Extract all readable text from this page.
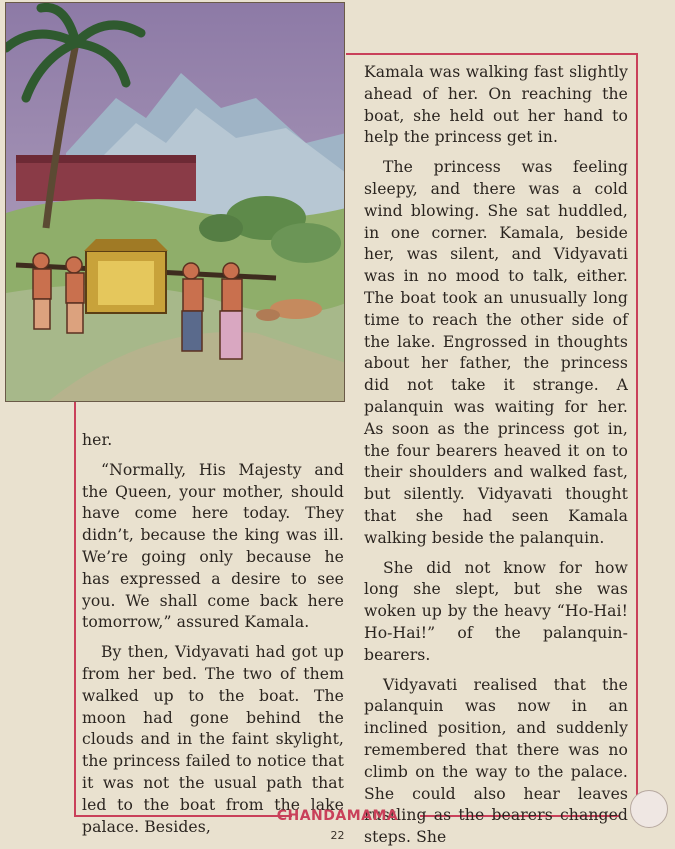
her.

“Normally, His Majesty and the Queen, your mother, should have come here today. They didn’t, because the king was ill. We’re going only because he has expressed a desire to see you. We shall come back here tomorrow,” assured Kamala.

By then, Vidyavati had got up from her bed. The two of them walked up to the boat. The moon had gone behind the clouds and in the faint skylight, the princess failed to notice that it was not the usual path that led to the boat from the lake palace. Besides,

Kamala was walking fast slightly ahead of her. On reaching the boat, she held out her hand to help the princess get in.

The princess was feeling sleepy, and there was a cold wind blowing. She sat huddled, in one corner. Kamala, beside her, was silent, and Vidyavati was in no mood to talk, either. The boat took an unusually long time to reach the other side of the lake. Engrossed in thoughts about her father, the princess did not take it strange. A palanquin was waiting for her. As soon as the princess got in, the four bearers heaved it on to their shoulders and walked fast, but silently. Vidyavati thought that she had seen Kamala walking beside the palanquin.

She did not know for how long she slept, but she was woken up by the heavy “Ho-Hai! Ho-Hai!” of the palanquin-bearers.

Vidyavati realised that the palanquin was now in an inclined position, and suddenly remembered that there was no climb on the way to the palace. She could also hear leaves rustling as the bearers changed steps. She

CHANDAMAMA
22
